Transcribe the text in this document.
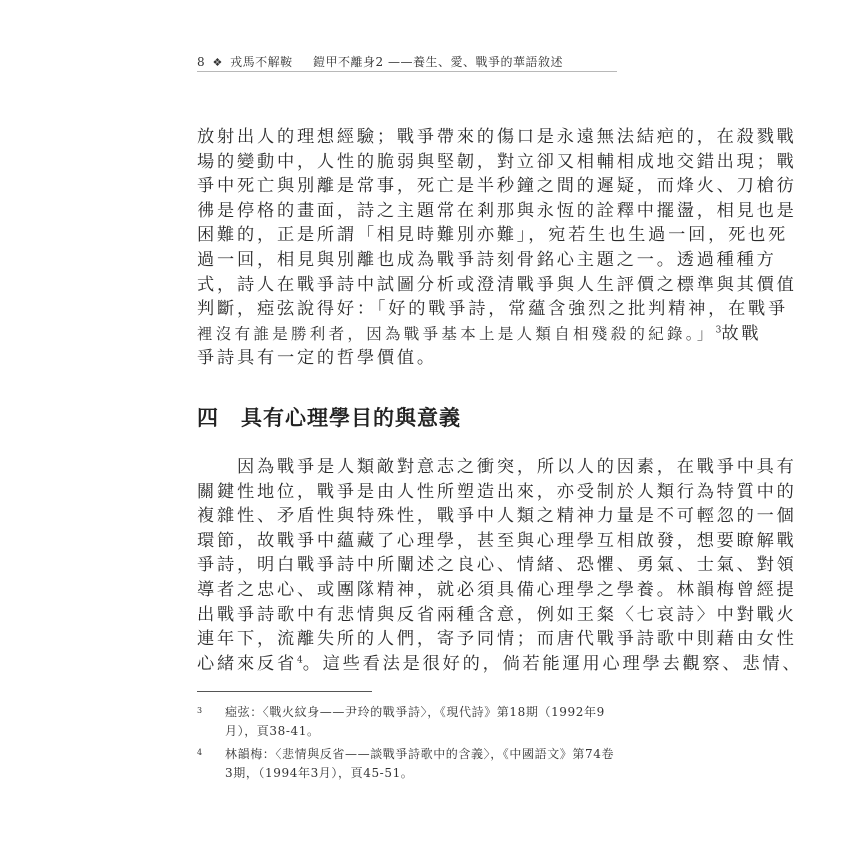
8 ❖ 戎馬不解鞍 鎧甲不離身2 ——養生、愛、戰爭的華語敘述
放射出人的理想經驗；戰爭帶來的傷口是永遠無法結疤的，在殺戮戰
場的變動中，人性的脆弱與堅韌，對立卻又相輔相成地交錯出現；戰
爭中死亡與別離是常事，死亡是半秒鐘之間的遲疑，而烽火、刀槍彷
彿是停格的畫面，詩之主題常在剎那與永恆的詮釋中擺盪，相見也是
困難的，正是所謂「相見時難別亦難」，宛若生也生過一回，死也死
過一回，相見與別離也成為戰爭詩刻骨銘心主題之一。透過種種方
式，詩人在戰爭詩中試圖分析或澄清戰爭與人生評價之標準與其價值
判斷，瘂弦說得好：「好的戰爭詩，常蘊含強烈之批判精神，在戰爭
裡沒有誰是勝利者，因為戰爭基本上是人類自相殘殺的紀錄。」$^3$故戰
爭詩具有一定的哲學價值。
四 具有心理學目的與意義
因為戰爭是人類敵對意志之衝突，所以人的因素，在戰爭中具有
關鍵性地位，戰爭是由人性所塑造出來，亦受制於人類行為特質中的
複雜性、矛盾性與特殊性，戰爭中人類之精神力量是不可輕忽的一個
環節，故戰爭中蘊藏了心理學，甚至與心理學互相啟發，想要瞭解戰
爭詩，明白戰爭詩中所闡述之良心、情緒、恐懼、勇氣、士氣、對領
導者之忠心、或團隊精神，就必須具備心理學之學養。林韻梅曾經提
出戰爭詩歌中有悲情與反省兩種含意，例如王粲〈七哀詩〉中對戰火
連年下，流離失所的人們，寄予同情；而唐代戰爭詩歌中則藉由女性
心緒來反省$^4$。這些看法是很好的，倘若能運用心理學去觀察、悲情、
3 瘂弦：〈戰火紋身——尹玲的戰爭詩〉，《現代詩》第18期（1992年9月），頁38-41。
4 林韻梅：〈悲情與反省——談戰爭詩歌中的含義〉，《中國語文》第74卷3期，（1994年3月），頁45-51。
